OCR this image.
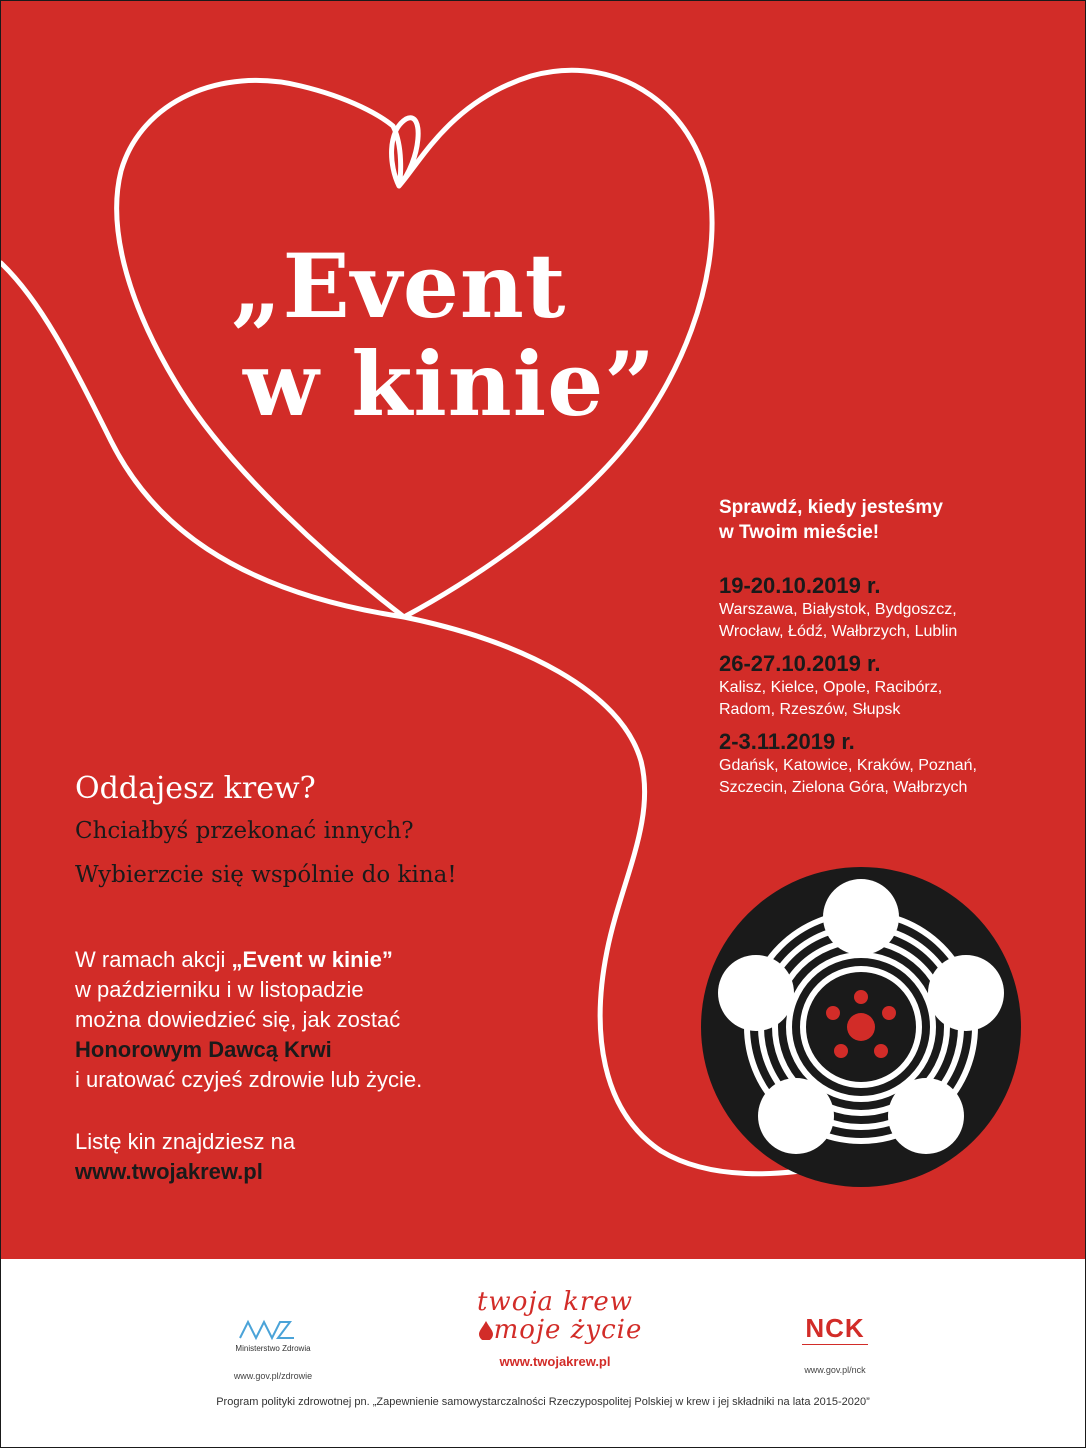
„Event
w kinie”
Sprawdź, kiedy jesteśmy
w Twoim mieście!
19-20.10.2019 r.
Warszawa, Białystok, Bydgoszcz,
Wrocław, Łódź, Wałbrzych, Lublin
26-27.10.2019 r.
Kalisz, Kielce, Opole, Racibórz,
Radom, Rzeszów, Słupsk
2-3.11.2019 r.
Gdańsk, Katowice, Kraków, Poznań,
Szczecin, Zielona Góra, Wałbrzych
Oddajesz krew?
Chciałbyś przekonać innych?
Wybierzcie się wspólnie do kina!
W ramach akcji „Event w kinie”
w październiku i w listopadzie
można dowiedzieć się, jak zostać
Honorowym Dawcą Krwi
i uratować czyjeś zdrowie lub życie.
Listę kin znajdziesz na
www.twojakrew.pl
Ministerstwo Zdrowia
www.gov.pl/zdrowie
twoja krew
moje życie
www.twojakrew.pl
NCK
www.gov.pl/nck
Program polityki zdrowotnej pn. „Zapewnienie samowystarczalności Rzeczypospolitej Polskiej w krew i jej składniki na lata 2015-2020”
